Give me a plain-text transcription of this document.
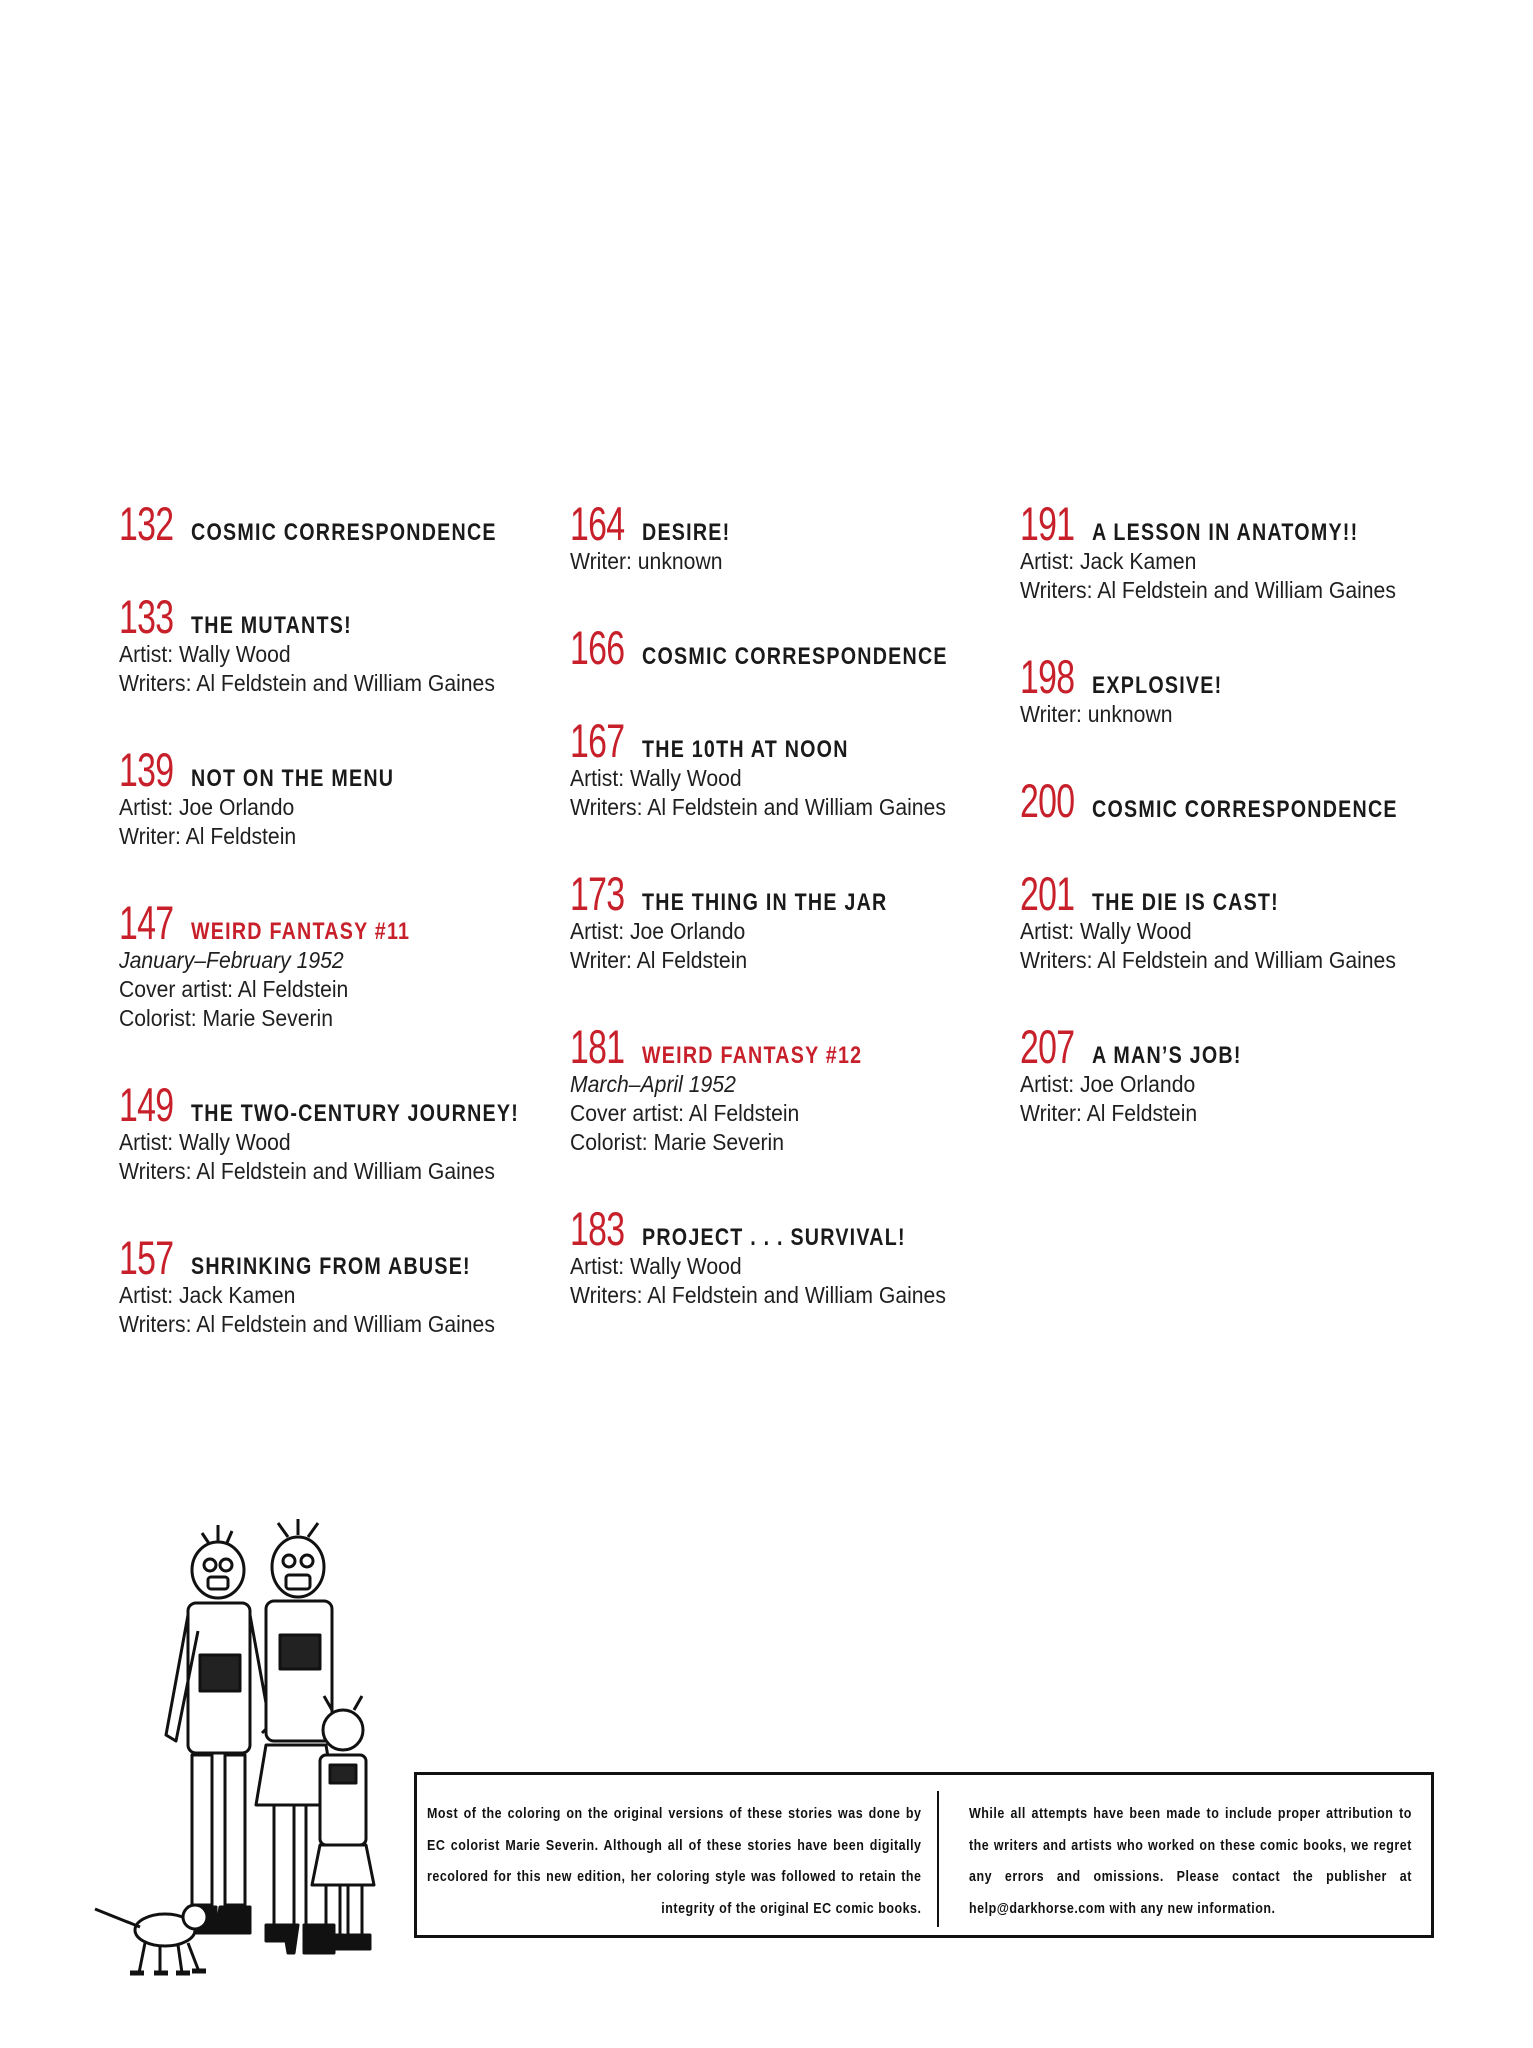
132 COSMIC CORRESPONDENCE
133 THE MUTANTS!
Artist: Wally Wood
Writers: Al Feldstein and William Gaines
139 NOT ON THE MENU
Artist: Joe Orlando
Writer: Al Feldstein
147 WEIRD FANTASY #11
January–February 1952
Cover artist: Al Feldstein
Colorist: Marie Severin
149 THE TWO-CENTURY JOURNEY!
Artist: Wally Wood
Writers: Al Feldstein and William Gaines
157 SHRINKING FROM ABUSE!
Artist: Jack Kamen
Writers: Al Feldstein and William Gaines
164 DESIRE!
Writer: unknown
166 COSMIC CORRESPONDENCE
167 THE 10TH AT NOON
Artist: Wally Wood
Writers: Al Feldstein and William Gaines
173 THE THING IN THE JAR
Artist: Joe Orlando
Writer: Al Feldstein
181 WEIRD FANTASY #12
March–April 1952
Cover artist: Al Feldstein
Colorist: Marie Severin
183 PROJECT . . . SURVIVAL!
Artist: Wally Wood
Writers: Al Feldstein and William Gaines
191 A LESSON IN ANATOMY!!
Artist: Jack Kamen
Writers: Al Feldstein and William Gaines
198 EXPLOSIVE!
Writer: unknown
200 COSMIC CORRESPONDENCE
201 THE DIE IS CAST!
Artist: Wally Wood
Writers: Al Feldstein and William Gaines
207 A MAN’S JOB!
Artist: Joe Orlando
Writer: Al Feldstein
Most of the coloring on the original versions of these stories was done by EC colorist Marie Severin. Although all of these stories have been digitally recolored for this new edition, her coloring style was followed to retain the integrity of the original EC comic books.
While all attempts have been made to include proper attribution to the writers and artists who worked on these comic books, we regret any errors and omissions. Please contact the publisher at help@darkhorse.com with any new information.
